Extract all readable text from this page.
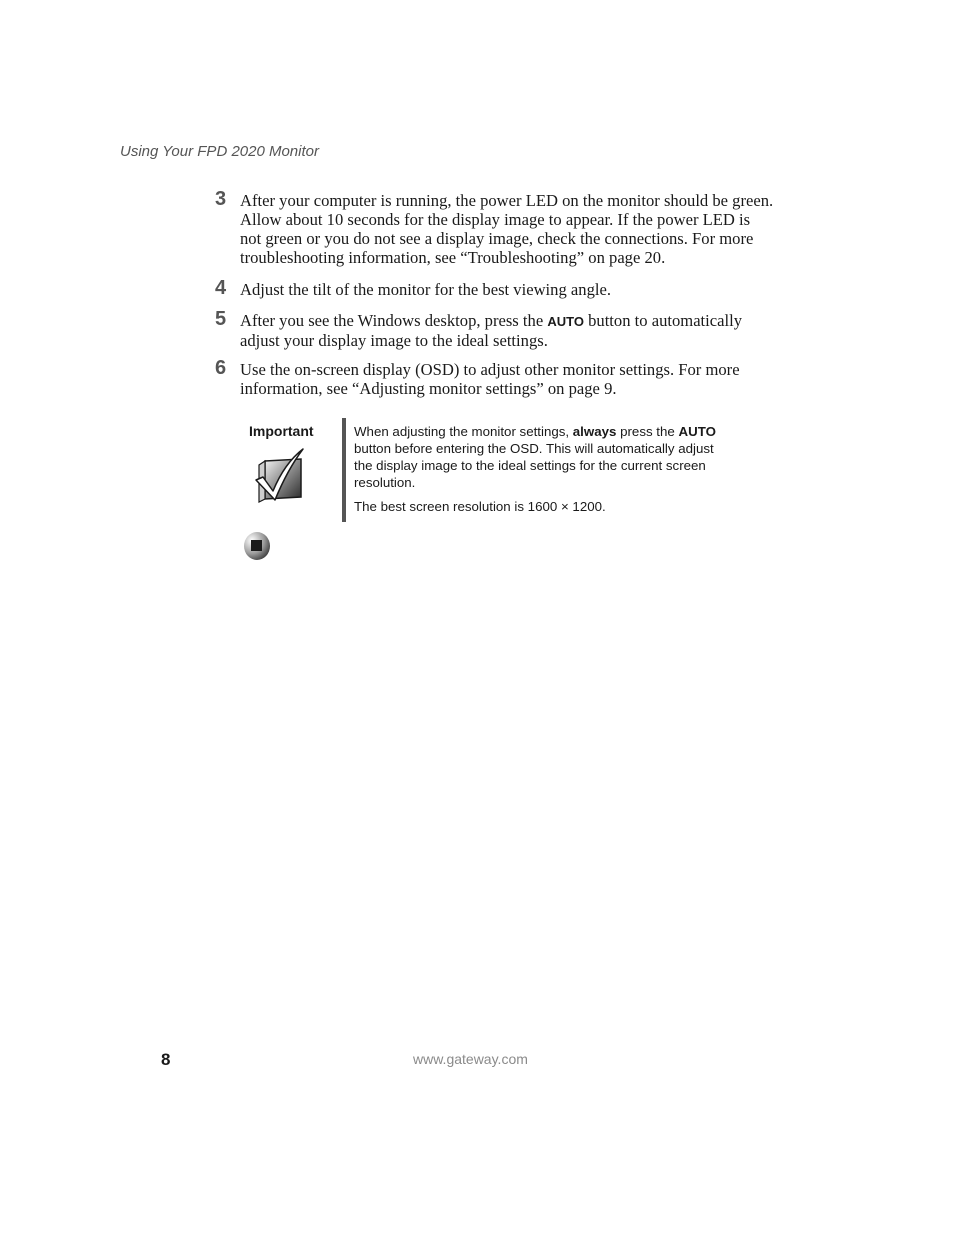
Using Your FPD 2020 Monitor
3 After your computer is running, the power LED on the monitor should be green. Allow about 10 seconds for the display image to appear. If the power LED is not green or you do not see a display image, check the connections. For more troubleshooting information, see “Troubleshooting” on page 20.
4 Adjust the tilt of the monitor for the best viewing angle.
5 After you see the Windows desktop, press the AUTO button to automatically adjust your display image to the ideal settings.
6 Use the on-screen display (OSD) to adjust other monitor settings. For more information, see “Adjusting monitor settings” on page 9.
Important	When adjusting the monitor settings, always press the AUTO button before entering the OSD. This will automatically adjust the display image to the ideal settings for the current screen resolution.

The best screen resolution is 1600 × 1200.

8	www.gateway.com
